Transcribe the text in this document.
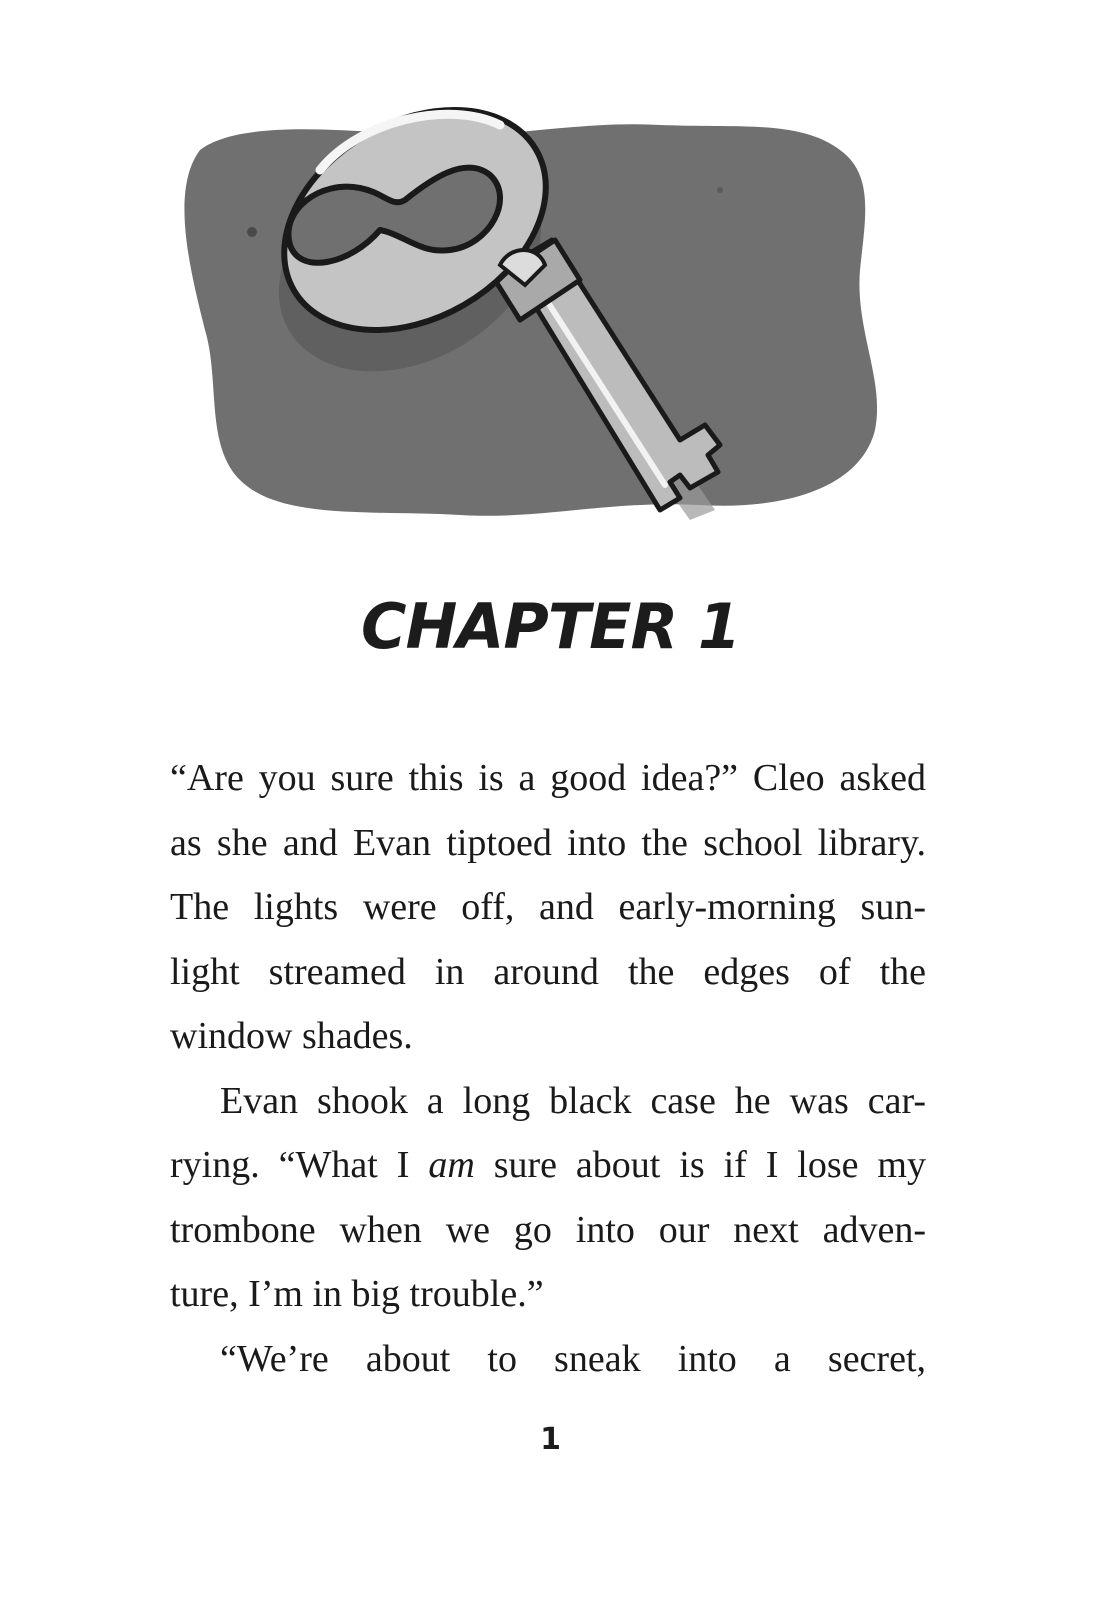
CHAPTER 1
“Are you sure this is a good idea?” Cleo asked
as she and Evan tiptoed into the school library.
The lights were off, and early-morning sun-
light streamed in around the edges of the
window shades.
Evan shook a long black case he was car-
rying. “What I am sure about is if I lose my
trombone when we go into our next adven-
ture, I’m in big trouble.”
“We’re about to sneak into a secret,
1
